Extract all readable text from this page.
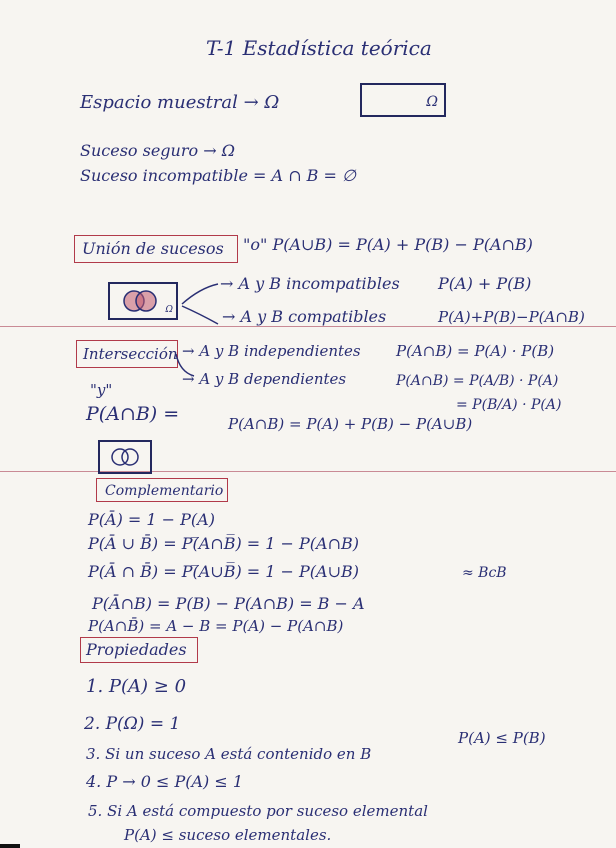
T-1 Estadística teórica
Espacio muestral → Ω	Ω
Suceso seguro → Ω
Suceso incompatible = A ∩ B = ∅
Unión de sucesos "o" P(A∪B) = P(A) + P(B) − P(A∩B)
Ω
→ A y B incompatibles P(A) + P(B)
→ A y B compatibles	P(A)+P(B)−P(A∩B)
Intersección → A y B independientes P(A∩B) = P(A) · P(B)
→ A y B dependientes	P(A∩B) = P(A/B) · P(A)
= P(B/A) · P(A)
"y"
P(A∩B) =	P(A∩B) = P(A) + P(B) − P(A∪B)
Complementario
P(Ā) = 1 − P(A)
P(Ā ∪ B̄) = P(̅A∩B̅) = 1 − P(A∩B)
P(Ā ∩ B̄) = P(̅A∪B̅) = 1 − P(A∪B)	≈ BcB
P(Ā∩B) = P(B) − P(A∩B) = B − A
P(A∩B̄) = A − B = P(A) − P(A∩B)
Propiedades
1. P(A) ≥ 0
2. P(Ω) = 1
3. Si un suceso A está contenido en B
P(A) ≤ P(B)
4. P → 0 ≤ P(A) ≤ 1
5. Si A está compuesto por suceso elemental
P(A) ≤ suceso elementales.
